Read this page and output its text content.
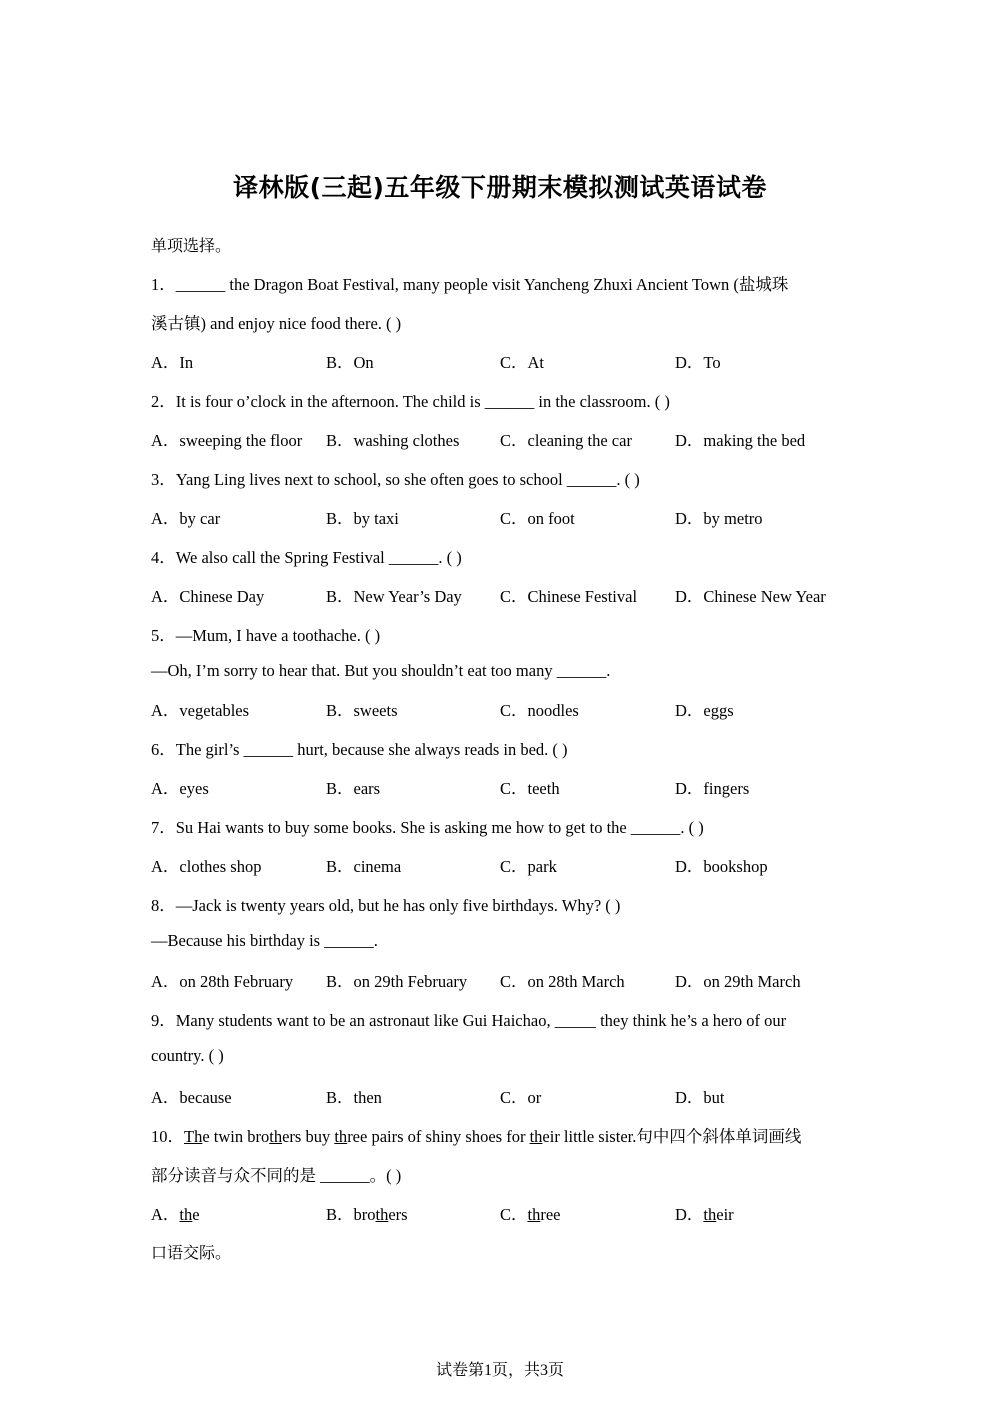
译林版(三起)五年级下册期末模拟测试英语试卷
单项选择。
1．______ the Dragon Boat Festival, many people visit Yancheng Zhuxi Ancient Town (盐城珠
溪古镇) and enjoy nice food there. ( )
A．In	B．On	C．At	D．To
2．It is four o’clock in the afternoon. The child is ______ in the classroom. ( )
A．sweeping the floor B．washing clothes C．cleaning the car	D．making the bed
3．Yang Ling lives next to school, so she often goes to school ______. ( )
A．by car	B．by taxi	C．on foot	D．by metro
4．We also call the Spring Festival ______. ( )
A．Chinese Day	B．New Year’s Day C．Chinese Festival D．Chinese New Year
5．—Mum, I have a toothache. ( )
—Oh, I’m sorry to hear that. But you shouldn’t eat too many ______.
A．vegetables	B．sweets	C．noodles	D．eggs
6．The girl’s ______ hurt, because she always reads in bed. ( )
A．eyes	B．ears	C．teeth	D．fingers
7．Su Hai wants to buy some books. She is asking me how to get to the ______. ( )
A．clothes shop	B．cinema	C．park	D．bookshop
8．—Jack is twenty years old, but he has only five birthdays. Why? ( )
—Because his birthday is ______.
A．on 28th February B．on 29th February C．on 28th March	D．on 29th March
9．Many students want to be an astronaut like Gui Haichao, _____ they think he’s a hero of our
country. ( )
A．because	B．then	C．or	D．but
10．The twin brothers buy three pairs of shiny shoes for their little sister.句中四个斜体单词画线
部分读音与众不同的是 ______。( )
A．the	B．brothers	C．three	D．their
口语交际。
试卷第1页，共3页
